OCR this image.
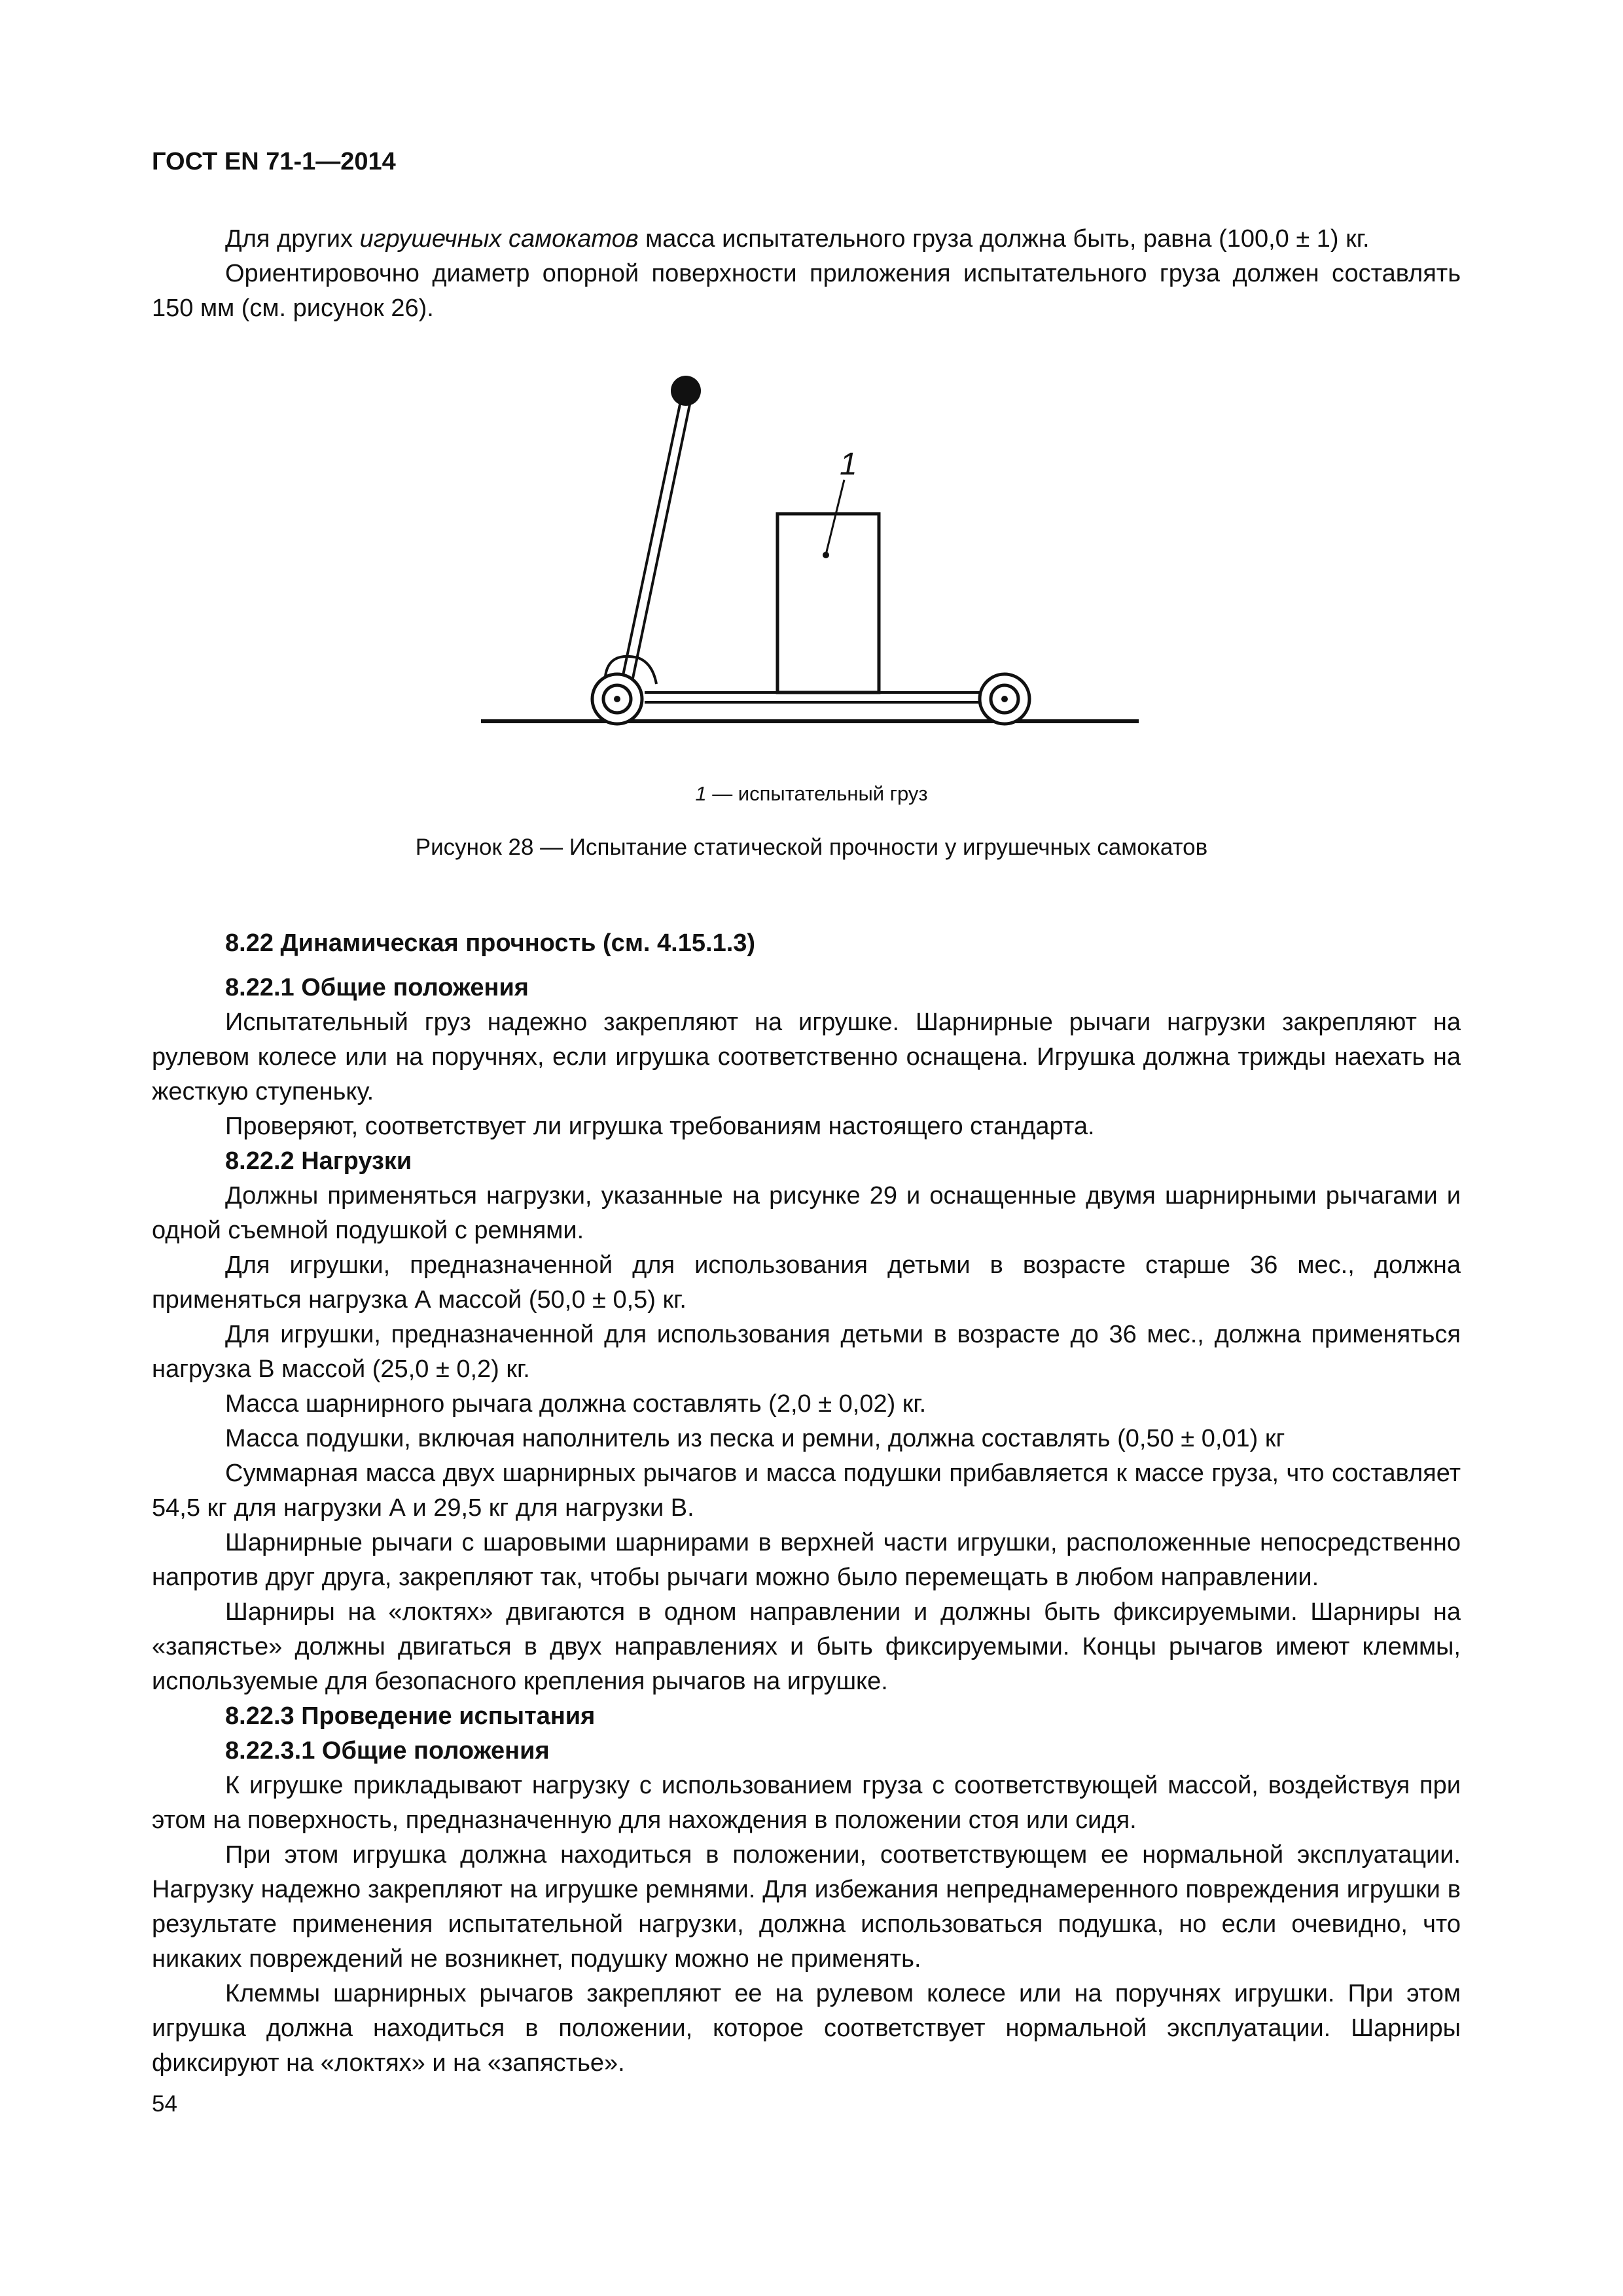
ГОСТ EN 71-1—2014

Для других игрушечных самокатов масса испытательного груза должна быть, равна (100,0 ± 1) кг.

Ориентировочно диаметр опорной поверхности приложения испытательного груза должен составлять 150 мм (см. рисунок 26).

1
1 — испытательный груз
Рисунок 28 — Испытание статической прочности у игрушечных самокатов

8.22 Динамическая прочность (см. 4.15.1.3)

8.22.1 Общие положения

Испытательный груз надежно закрепляют на игрушке. Шарнирные рычаги нагрузки закрепляют на рулевом колесе или на поручнях, если игрушка соответственно оснащена. Игрушка должна трижды наехать на жесткую ступеньку.

Проверяют, соответствует ли игрушка требованиям настоящего стандарта.

8.22.2 Нагрузки

Должны применяться нагрузки, указанные на рисунке 29 и оснащенные двумя шарнирными рычагами и одной съемной подушкой с ремнями.

Для игрушки, предназначенной для использования детьми в возрасте старше 36 мес., должна применяться нагрузка А массой (50,0 ± 0,5) кг.

Для игрушки, предназначенной для использования детьми в возрасте до 36 мес., должна применяться нагрузка В массой (25,0 ± 0,2) кг.

Масса шарнирного рычага должна составлять (2,0 ± 0,02) кг.

Масса подушки, включая наполнитель из песка и ремни, должна составлять (0,50 ± 0,01) кг

Суммарная масса двух шарнирных рычагов и масса подушки прибавляется к массе груза, что составляет 54,5 кг для нагрузки А и 29,5 кг для нагрузки В.

Шарнирные рычаги с шаровыми шарнирами в верхней части игрушки, расположенные непосредственно напротив друг друга, закрепляют так, чтобы рычаги можно было перемещать в любом направлении.

Шарниры на «локтях» двигаются в одном направлении и должны быть фиксируемыми. Шарниры на «запястье» должны двигаться в двух направлениях и быть фиксируемыми. Концы рычагов имеют клеммы, используемые для безопасного крепления рычагов на игрушке.

8.22.3 Проведение испытания

8.22.3.1 Общие положения

К игрушке прикладывают нагрузку с использованием груза с соответствующей массой, воздействуя при этом на поверхность, предназначенную для нахождения в положении стоя или сидя.

При этом игрушка должна находиться в положении, соответствующем ее нормальной эксплуатации. Нагрузку надежно закрепляют на игрушке ремнями. Для избежания непреднамеренного повреждения игрушки в результате применения испытательной нагрузки, должна использоваться подушка, но если очевидно, что никаких повреждений не возникнет, подушку можно не применять.

Клеммы шарнирных рычагов закрепляют ее на рулевом колесе или на поручнях игрушки. При этом игрушка должна находиться в положении, которое соответствует нормальной эксплуатации. Шарниры фиксируют на «локтях» и на «запястье».

54
